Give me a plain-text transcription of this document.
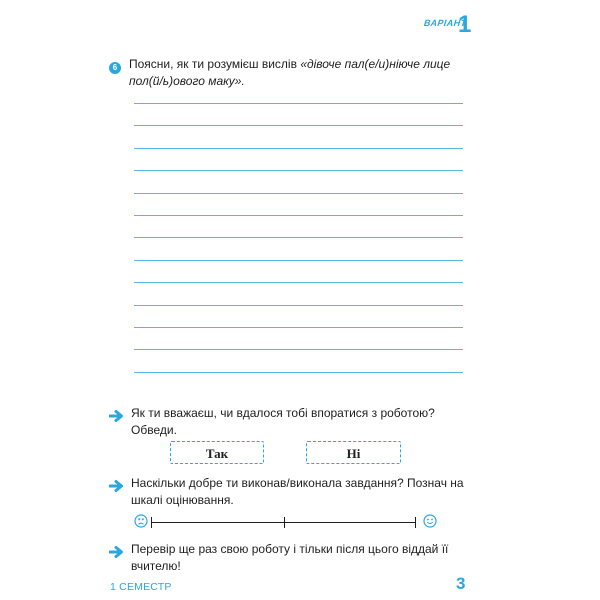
ВАРІАНТ
1
6 Поясни, як ти розумієш вислів «дівоче пал(е/и)ніюче лице пол(й/ь)ового маку».
Як ти вважаєш, чи вдалося тобі впоратися з роботою? Обведи.
Так	Ні
Наскільки добре ти виконав/виконала завдання? Познач на шкалі оцінювання.
Перевір ще раз свою роботу і тільки після цього віддай її вчителю!
1 СЕМЕСТР	3
